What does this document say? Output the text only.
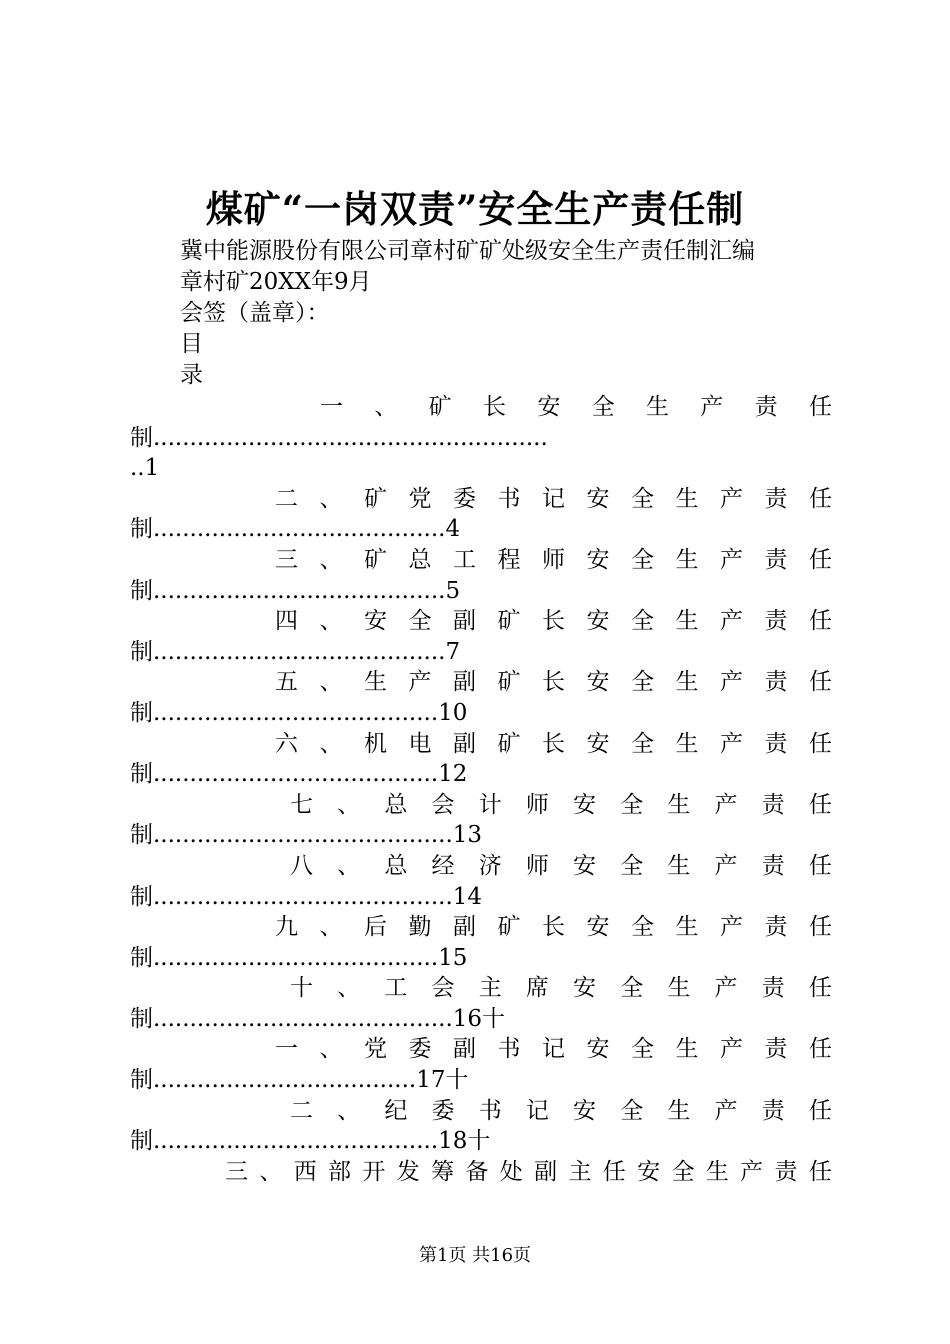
煤矿“一岗双责”安全生产责任制
冀中能源股份有限公司章村矿矿处级安全生产责任制汇编
章村矿20XX年9月
会签（盖章）：
目
录
一 、 矿 长 安 全 生 产 责 任
制......................................................
..1
二 、 矿 党 委 书 记 安 全 生 产 责 任
制........................................4
三 、 矿 总 工 程 师 安 全 生 产 责 任
制........................................5
四 、 安 全 副 矿 长 安 全 生 产 责 任
制........................................7
五 、 生 产 副 矿 长 安 全 生 产 责 任
制.......................................10
六 、 机 电 副 矿 长 安 全 生 产 责 任
制.......................................12
七 、 总 会 计 师 安 全 生 产 责 任
制.........................................13
八 、 总 经 济 师 安 全 生 产 责 任
制.........................................14
九 、 后 勤 副 矿 长 安 全 生 产 责 任
制.......................................15
十 、 工 会 主 席 安 全 生 产 责 任
制.........................................16十
一 、 党 委 副 书 记 安 全 生 产 责 任
制....................................17十
二 、 纪 委 书 记 安 全 生 产 责 任
制.......................................18十
三 、 西 部 开 发 筹 备 处 副 主 任 安 全 生 产 责 任
第1页 共16页
